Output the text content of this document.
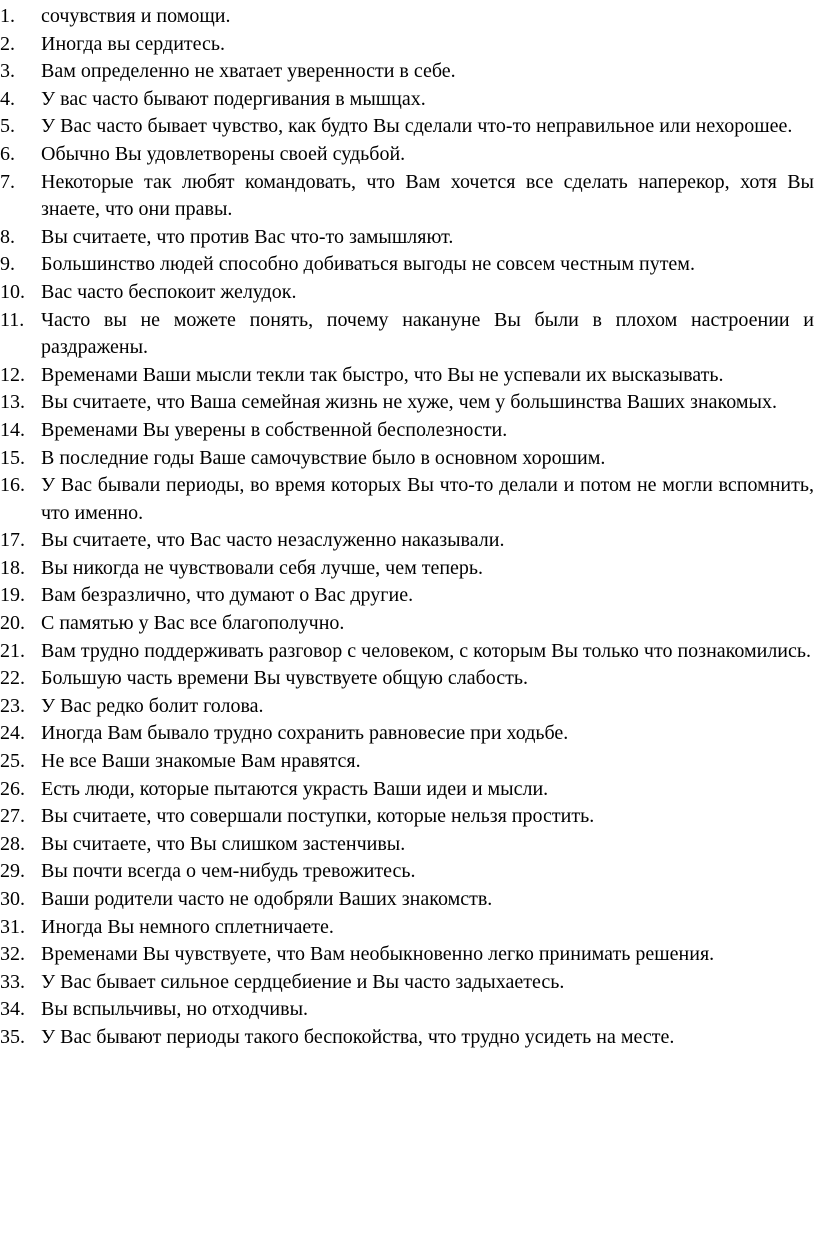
1.	сочувствия и помощи.
2.	Иногда вы сердитесь.
3.	Вам определенно не хватает уверенности в себе.
4.	У вас часто бывают подергивания в мышцах.
5.	У Вас часто бывает чувство, как будто Вы сделали что-то неправильное или нехорошее.
6.	Обычно Вы удовлетворены своей судьбой.
7.	Некоторые так любят командовать, что Вам хочется все сделать наперекор, хотя Вы знаете, что они правы.
8.	Вы считаете, что против Вас что-то замышляют.
9.	Большинство людей способно добиваться выгоды не совсем честным путем.
10. Вас часто беспокоит желудок.
11. Часто вы не можете понять, почему накануне Вы были в плохом настроении и раздражены.
12. Временами Ваши мысли текли так быстро, что Вы не успевали их высказывать.
13. Вы считаете, что Ваша семейная жизнь не хуже, чем у большинства Ваших знакомых.
14. Временами Вы уверены в собственной бесполезности.
15. В последние годы Ваше самочувствие было в основном хорошим.
16. У Вас бывали периоды, во время которых Вы что-то делали и потом не могли вспомнить, что именно.
17. Вы считаете, что Вас часто незаслуженно наказывали.
18. Вы никогда не чувствовали себя лучше, чем теперь.
19. Вам безразлично, что думают о Вас другие.
20. С памятью у Вас все благополучно.
21. Вам трудно поддерживать разговор с человеком, с которым Вы только что познакомились.
22. Большую часть времени Вы чувствуете общую слабость.
23. У Вас редко болит голова.
24. Иногда Вам бывало трудно сохранить равновесие при ходьбе.
25. Не все Ваши знакомые Вам нравятся.
26. Есть люди, которые пытаются украсть Ваши идеи и мысли.
27. Вы считаете, что совершали поступки, которые нельзя простить.
28. Вы считаете, что Вы слишком застенчивы.
29. Вы почти всегда о чем-нибудь тревожитесь.
30. Ваши родители часто не одобряли Ваших знакомств.
31. Иногда Вы немного сплетничаете.
32. Временами Вы чувствуете, что Вам необыкновенно легко принимать решения.
33. У Вас бывает сильное сердцебиение и Вы часто задыхаетесь.
34. Вы вспыльчивы, но отходчивы.
35. У Вас бывают периоды такого беспокойства, что трудно усидеть на месте.
